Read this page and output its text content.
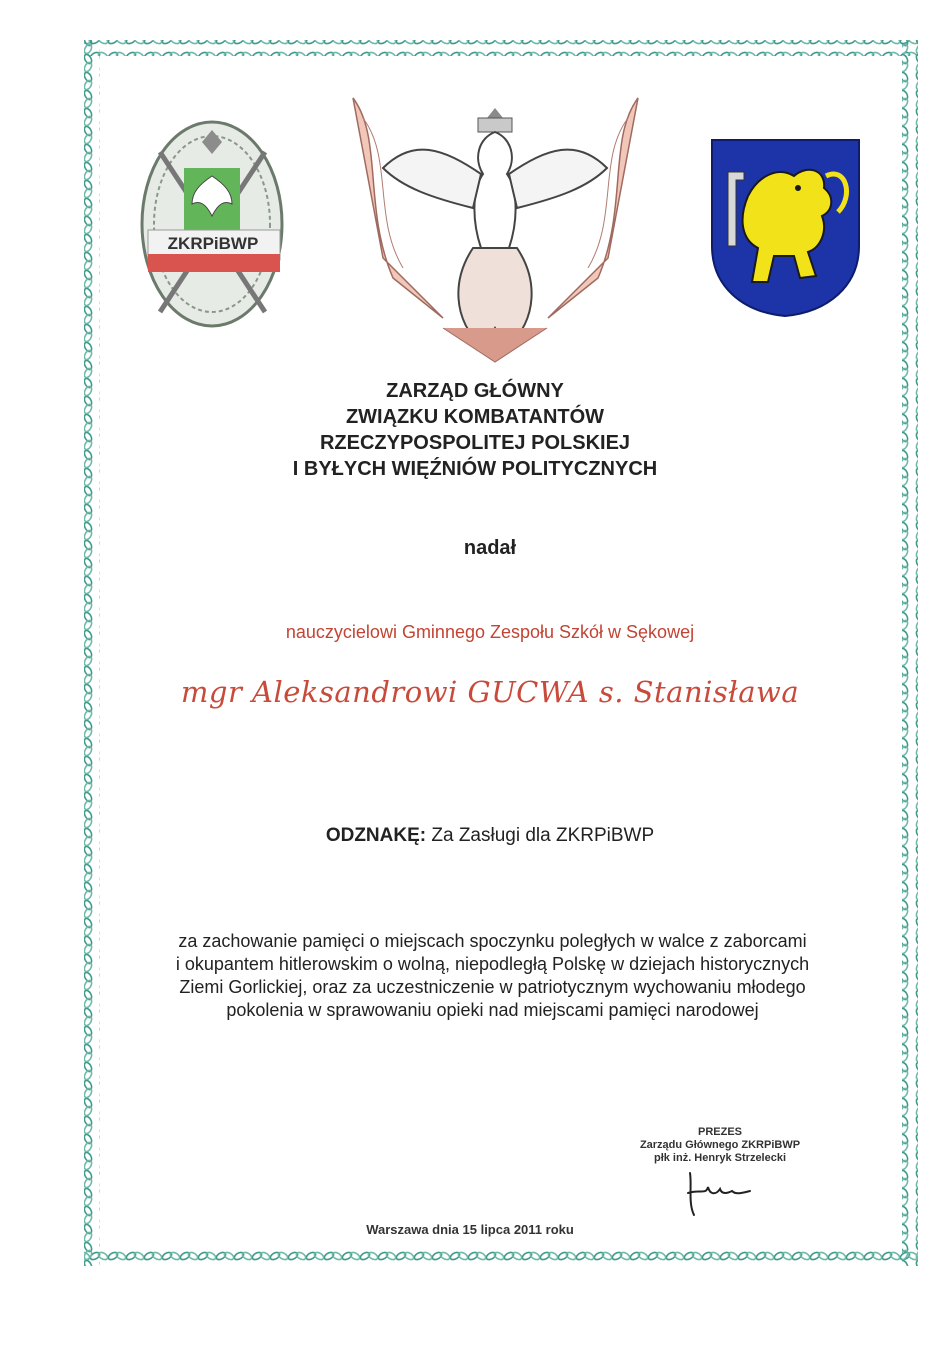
ZKRPiBWP
ZARZĄD GŁÓWNY
ZWIĄZKU KOMBATANTÓW
RZECZYPOSPOLITEJ POLSKIEJ
I BYŁYCH WIĘŹNIÓW POLITYCZNYCH
nadał
nauczycielowi Gminnego Zespołu Szkół w Sękowej
mgr Aleksandrowi GUCWA s. Stanisława
ODZNAKĘ: Za Zasługi dla ZKRPiBWP
za zachowanie pamięci o miejscach spoczynku poległych w walce z zaborcami
i okupantem hitlerowskim o wolną, niepodległą Polskę w dziejach historycznych
Ziemi Gorlickiej, oraz za uczestniczenie w patriotycznym wychowaniu młodego
pokolenia w sprawowaniu opieki nad miejscami pamięci narodowej
PREZES
Zarządu Głównego ZKRPiBWP
płk inż. Henryk Strzelecki
Warszawa dnia 15 lipca 2011 roku
